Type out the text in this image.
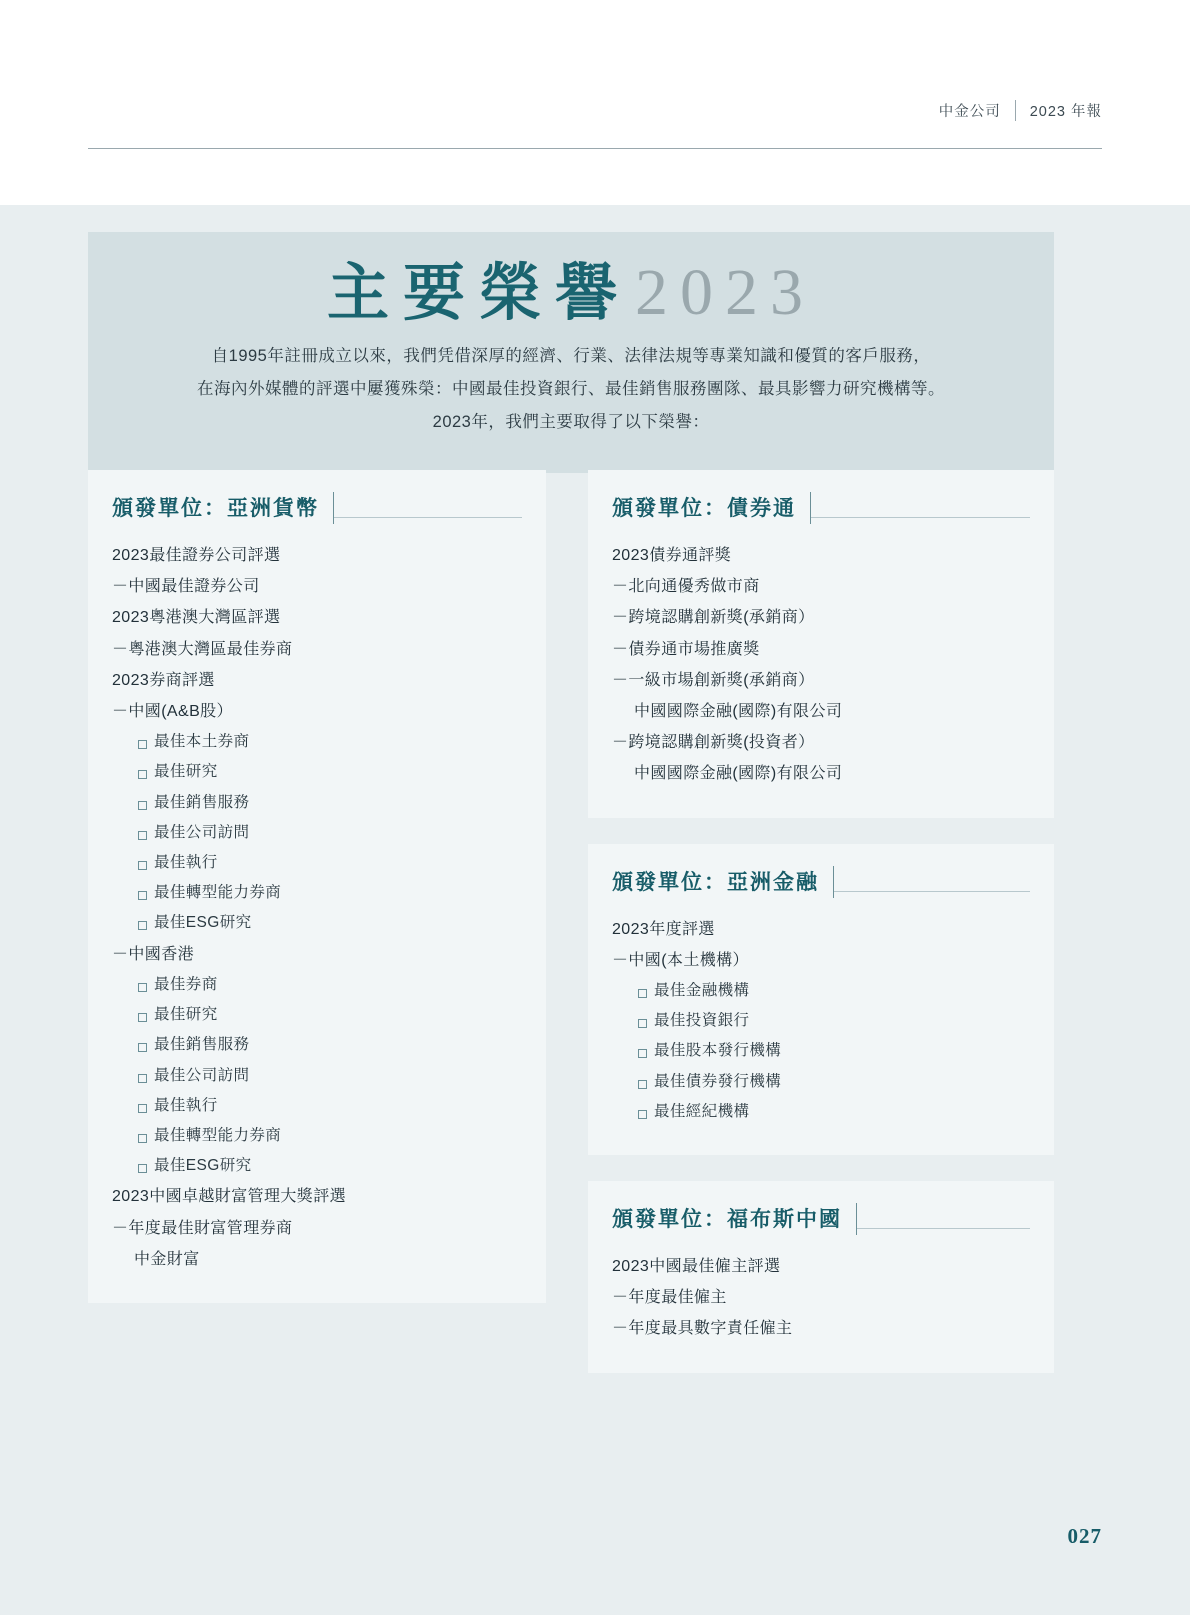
中金公司	2023 年報
主要榮譽 2023
自1995年註冊成立以來，我們凭借深厚的經濟、行業、法律法規等專業知識和優質的客戶服務，
在海內外媒體的評選中屢獲殊榮：中國最佳投資銀行、最佳銷售服務團隊、最具影響力研究機構等。
2023年，我們主要取得了以下榮譽：
頒發單位：亞洲貨幣
2023最佳證券公司評選
－中國最佳證券公司
2023粵港澳大灣區評選
－粵港澳大灣區最佳券商
2023券商評選
－中國(A&B股）
最佳本土券商
最佳研究
最佳銷售服務
最佳公司訪問
最佳執行
最佳轉型能力券商
最佳ESG研究
－中國香港
最佳券商
最佳研究
最佳銷售服務
最佳公司訪問
最佳執行
最佳轉型能力券商
最佳ESG研究
2023中國卓越財富管理大獎評選
－年度最佳財富管理券商
中金財富
頒發單位：債券通
2023債券通評獎
－北向通優秀做市商
－跨境認購創新獎(承銷商）
－債券通市場推廣獎
－一級市場創新獎(承銷商）
中國國際金融(國際)有限公司
－跨境認購創新獎(投資者）
中國國際金融(國際)有限公司
頒發單位：亞洲金融
2023年度評選
－中國(本土機構）
最佳金融機構
最佳投資銀行
最佳股本發行機構
最佳債券發行機構
最佳經紀機構
頒發單位：福布斯中國
2023中國最佳僱主評選
－年度最佳僱主
－年度最具數字責任僱主
027
